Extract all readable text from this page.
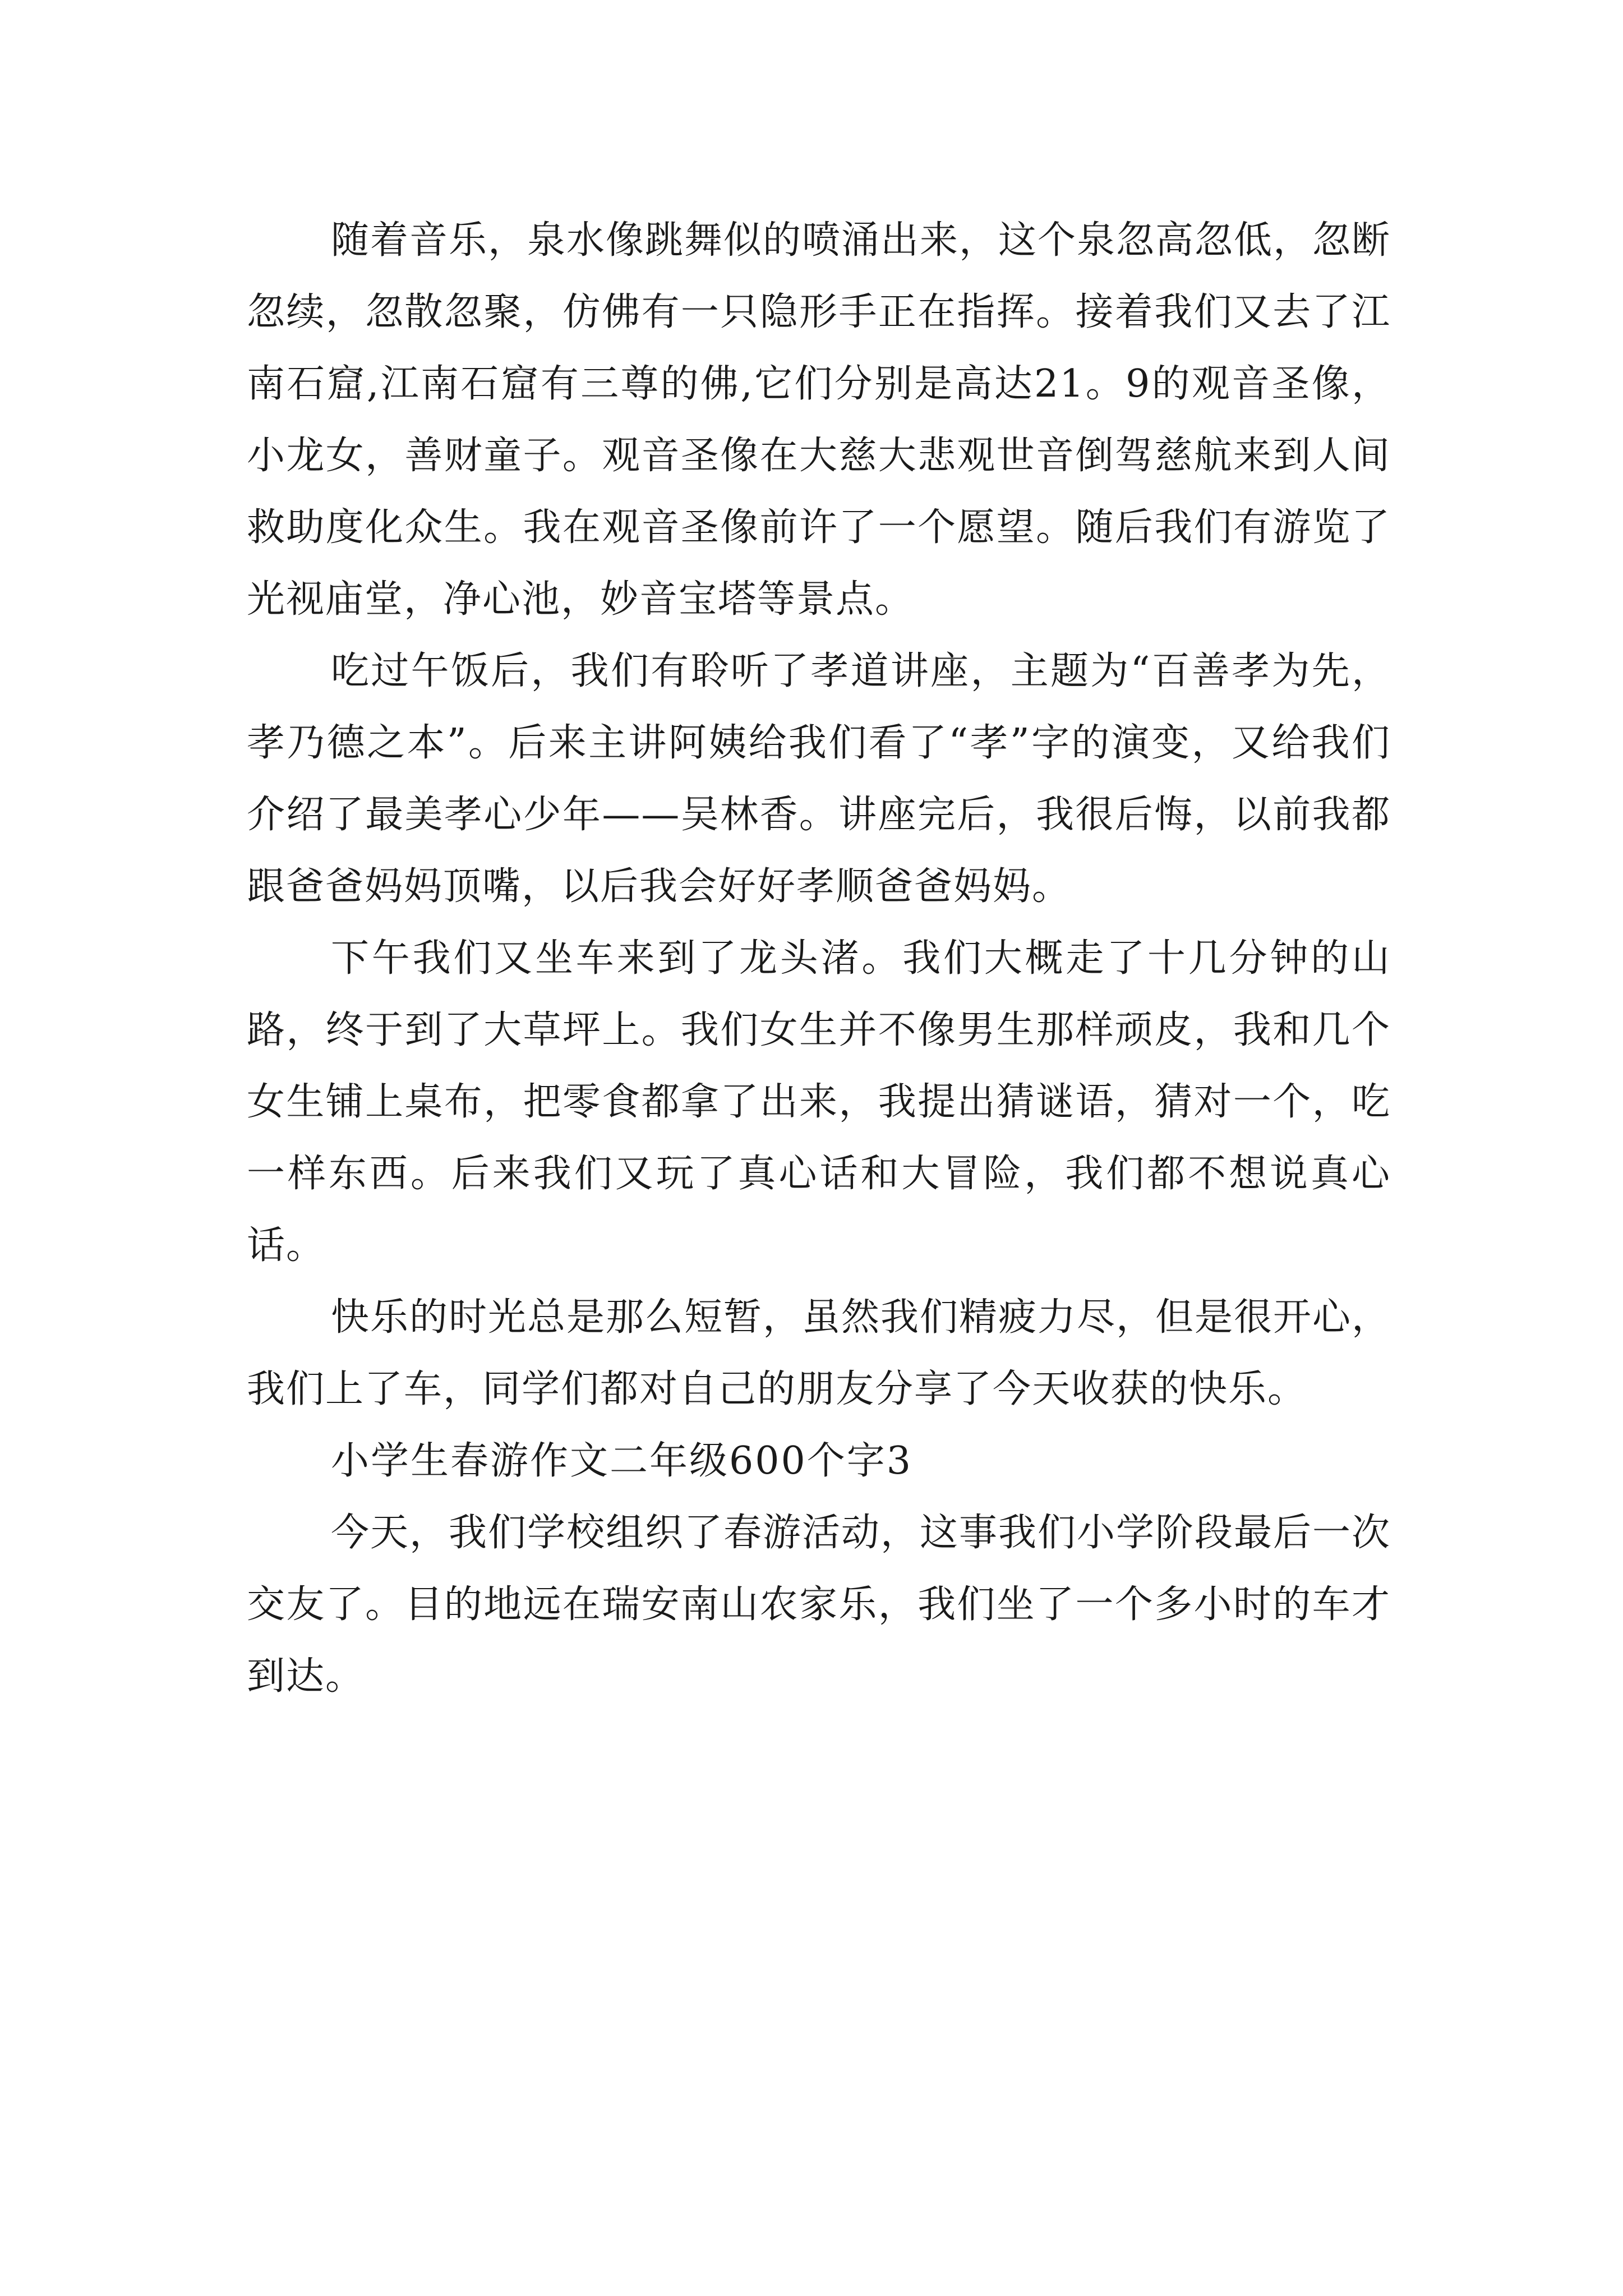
随着音乐，泉水像跳舞似的喷涌出来，这个泉忽高忽低，忽断忽续，忽散忽聚，仿佛有一只隐形手正在指挥。接着我们又去了江南石窟,江南石窟有三尊的佛,它们分别是高达21。9的观音圣像，小龙女，善财童子。观音圣像在大慈大悲观世音倒驾慈航来到人间救助度化众生。我在观音圣像前许了一个愿望。随后我们有游览了光视庙堂，净心池，妙音宝塔等景点。

吃过午饭后，我们有聆听了孝道讲座，主题为“百善孝为先，孝乃德之本”。后来主讲阿姨给我们看了“孝”字的演变，又给我们介绍了最美孝心少年——吴林香。讲座完后，我很后悔，以前我都跟爸爸妈妈顶嘴，以后我会好好孝顺爸爸妈妈。

下午我们又坐车来到了龙头渚。我们大概走了十几分钟的山路，终于到了大草坪上。我们女生并不像男生那样顽皮，我和几个女生铺上桌布，把零食都拿了出来，我提出猜谜语，猜对一个，吃一样东西。后来我们又玩了真心话和大冒险，我们都不想说真心话。

快乐的时光总是那么短暂，虽然我们精疲力尽，但是很开心，我们上了车，同学们都对自己的朋友分享了今天收获的快乐。

小学生春游作文二年级600个字3

今天，我们学校组织了春游活动，这事我们小学阶段最后一次交友了。目的地远在瑞安南山农家乐，我们坐了一个多小时的车才到达。
